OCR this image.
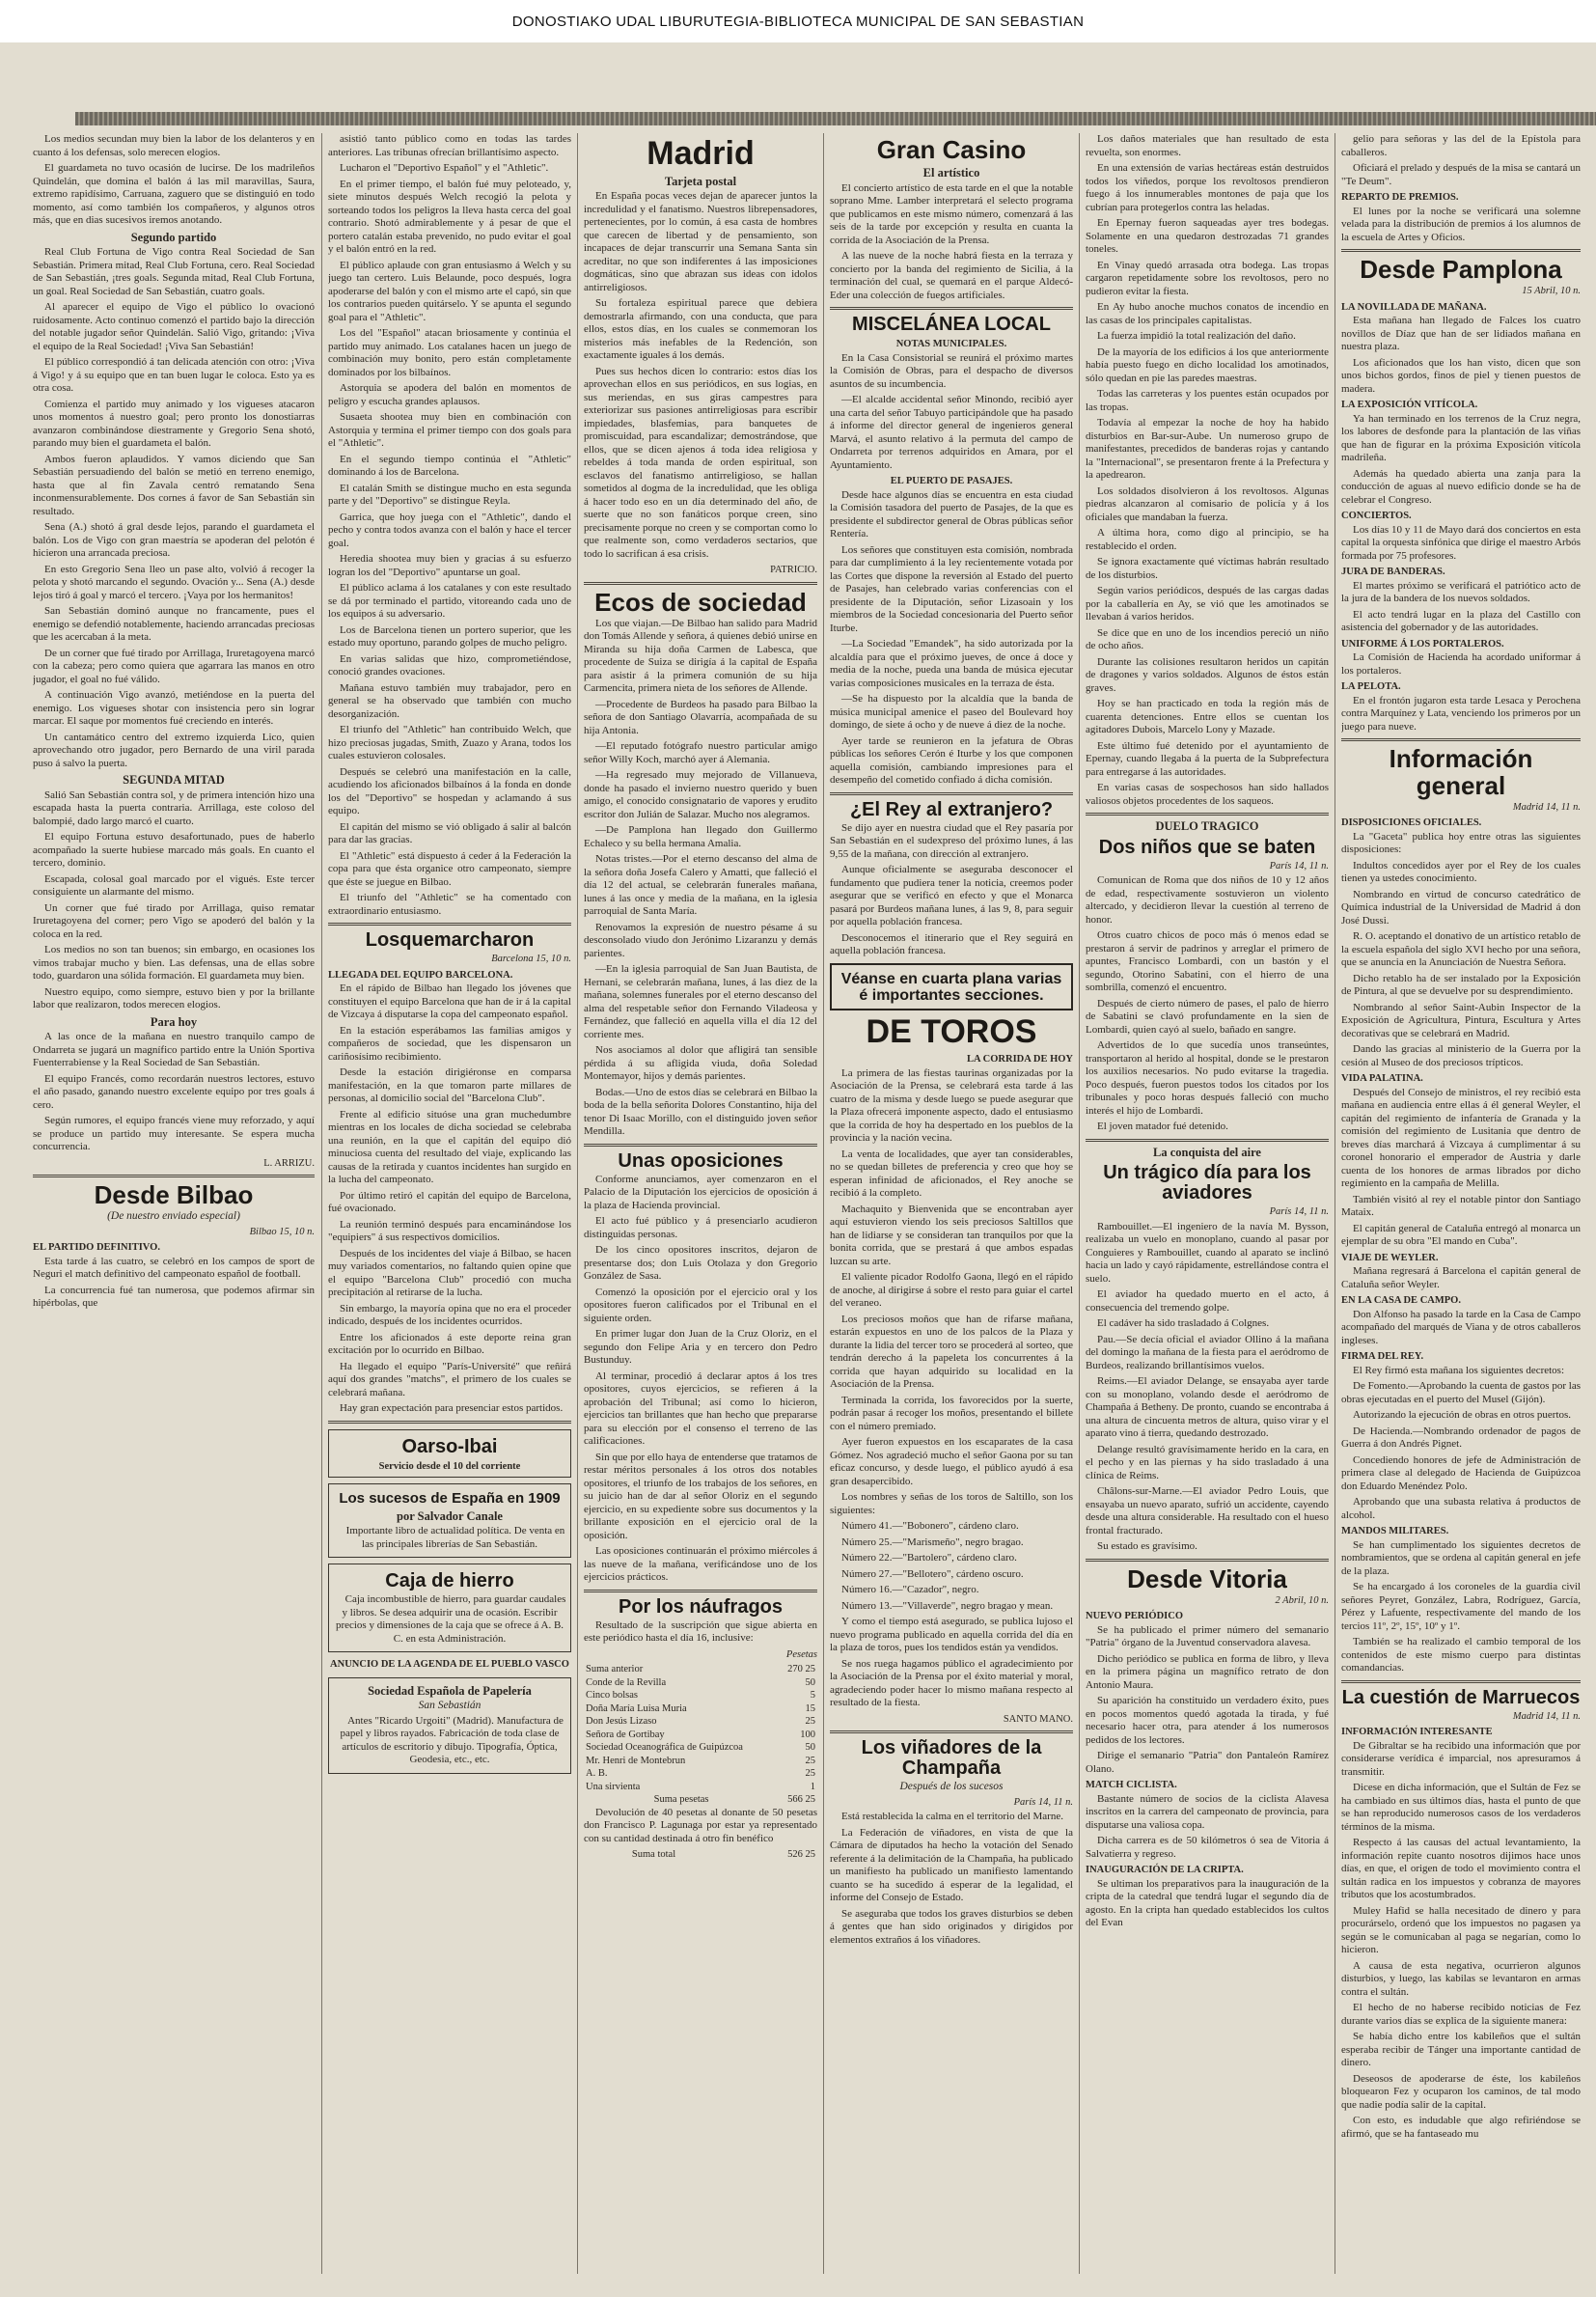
DONOSTIAKO UDAL LIBURUTEGIA-BIBLIOTECA MUNICIPAL DE SAN SEBASTIAN

Los medios secundan muy bien la labor de los delanteros y en cuanto á los defensas, solo merecen elogios.

El guardameta no tuvo ocasión de lucirse. De los madrileños Quindelán, que domina el balón á las mil maravillas, Saura, extremo rapidísimo, Carruana, zaguero que se distinguió en todo momento, así como también los compañeros, y algunos otros más, que en dias sucesivos iremos anotando.

Segundo partido

Real Club Fortuna de Vigo contra Real Sociedad de San Sebastián. Primera mitad, Real Club Fortuna, cero. Real Sociedad de San Sebastián, ¡tres goals. Segunda mitad, Real Club Fortuna, un goal. Real Sociedad de San Sebastián, cuatro goals.

Al aparecer el equipo de Vigo el público lo ovacionó ruidosamente. Acto continuo comenzó el partido bajo la dirección del notable jugador señor Quindelán. Salió Vigo, gritando: ¡Viva el equipo de la Real Sociedad! ¡Viva San Sebastián!

El público correspondió á tan delicada atención con otro: ¡Viva á Vigo! y á su equipo que en tan buen lugar le coloca. Esto ya es otra cosa.

Comienza el partido muy animado y los vigueses atacaron unos momentos á nuestro goal; pero pronto los donostiarras avanzaron combinándose diestramente y Gregorio Sena shotó, parando muy bien el guardameta el balón.

Ambos fueron aplaudidos. Y vamos diciendo que San Sebastián persuadiendo del balón se metió en terreno enemigo, hasta que al fin Zavala centró rematando Sena inconmensurablemente. Dos cornes á favor de San Sebastián sin resultado.

Sena (A.) shotó á gral desde lejos, parando el guardameta el balón. Los de Vigo con gran maestría se apoderan del pelotón é hicieron una arrancada preciosa.

En esto Gregorio Sena lleo un pase alto, volvió á recoger la pelota y shotó marcando el segundo. Ovación y... Sena (A.) desde lejos tiró á goal y marcó el tercero. ¡Vaya por los hermanitos!

San Sebastián dominó aunque no francamente, pues el enemigo se defendió notablemente, haciendo arrancadas preciosas que les acercaban á la meta.

De un corner que fué tirado por Arrillaga, Iruretagoyena marcó con la cabeza; pero como quiera que agarrara las manos en otro jugador, el goal no fué válido.

A continuación Vigo avanzó, metiéndose en la puerta del enemigo. Los vigueses shotar con insistencia pero sin lograr marcar. El saque por momentos fué creciendo en interés.

Un cantamático centro del extremo izquierda Lico, quien aprovechando otro jugador, pero Bernardo de una viril parada puso á salvo la puerta.

SEGUNDA MITAD

Salió San Sebastián contra sol, y de primera intención hizo una escapada hasta la puerta contraria. Arrillaga, este coloso del balompié, dado largo marcó el cuarto.

El equipo Fortuna estuvo desafortunado, pues de haberlo acompañado la suerte hubiese marcado más goals. En cuanto el tercero, dominio.

Escapada, colosal goal marcado por el vigués. Este tercer consiguiente un alarmante del mismo.

Un corner que fué tirado por Arrillaga, quiso rematar Iruretagoyena del corner; pero Vigo se apoderó del balón y la coloca en la red.

Los medios no son tan buenos; sin embargo, en ocasiones los vimos trabajar mucho y bien. Las defensas, una de ellas sobre todo, guardaron una sólida formación. El guardameta muy bien.

Nuestro equipo, como siempre, estuvo bien y por la brillante labor que realizaron, todos merecen elogios.

Para hoy

A las once de la mañana en nuestro tranquilo campo de Ondarreta se jugará un magnífico partido entre la Unión Sportiva Fuenterrabiense y la Real Sociedad de San Sebastián.

El equipo Francés, como recordarán nuestros lectores, estuvo el año pasado, ganando nuestro excelente equipo por tres goals á cero.

Según rumores, el equipo francés viene muy reforzado, y aquí se produce un partido muy interesante. Se espera mucha concurrencia.

L. ARRIZU.
Desde Bilbao
(De nuestro enviado especial)
Bilbao 15, 10 n.
EL PARTIDO DEFINITIVO.

Esta tarde á las cuatro, se celebró en los campos de sport de Neguri el match definitivo del campeonato español de football.

La concurrencia fué tan numerosa, que podemos afirmar sin hipérbolas, que

asistió tanto público como en todas las tardes anteriores. Las tribunas ofrecían brillantísimo aspecto.

Lucharon el "Deportivo Español" y el "Athletic".

En el primer tiempo, el balón fué muy peloteado, y, siete minutos después Welch recogió la pelota y sorteando todos los peligros la lleva hasta cerca del goal contrario. Shotó admirablemente y á pesar de que el portero catalán estaba prevenido, no pudo evitar el goal y el balón entró en la red.

El público aplaude con gran entusiasmo á Welch y su juego tan certero. Luis Belaunde, poco después, logra apoderarse del balón y con el mismo arte el capó, sin que los contrarios pueden quitárselo. Y se apunta el segundo goal para el "Athletic".

Los del "Español" atacan briosamente y continúa el partido muy animado. Los catalanes hacen un juego de combinación muy bonito, pero están completamente dominados por los bilbaínos.

Astorquia se apodera del balón en momentos de peligro y escucha grandes aplausos.

Susaeta shootea muy bien en combinación con Astorquia y termina el primer tiempo con dos goals para el "Athletic".

En el segundo tiempo continúa el "Athletic" dominando á los de Barcelona.

El catalán Smith se distingue mucho en esta segunda parte y del "Deportivo" se distingue Reyla.

Garrica, que hoy juega con el "Athletic", dando el pecho y contra todos avanza con el balón y hace el tercer goal.

Heredia shootea muy bien y gracias á su esfuerzo logran los del "Deportivo" apuntarse un goal.

El público aclama á los catalanes y con este resultado se dá por terminado el partido, vitoreando cada uno de los equipos á su adversario.

Los de Barcelona tienen un portero superior, que les estado muy oportuno, parando golpes de mucho peligro.

En varias salidas que hizo, comprometiéndose, conoció grandes ovaciones.

Mañana estuvo también muy trabajador, pero en general se ha observado que también con mucho desorganización.

El triunfo del "Athletic" han contribuido Welch, que hizo preciosas jugadas, Smith, Zuazo y Arana, todos los cuales estuvieron colosales.

Después se celebró una manifestación en la calle, acudiendo los aficionados bilbaínos á la fonda en donde los del "Deportivo" se hospedan y aclamando á sus equipo.

El capitán del mismo se vió obligado á salir al balcón para dar las gracias.

El "Athletic" está dispuesto á ceder á la Federación la copa para que ésta organice otro campeonato, siempre que éste se juegue en Bilbao.

El triunfo del "Athletic" se ha comentado con extraordinario entusiasmo.

Losquemarcharon
Barcelona 15, 10 n.
LLEGADA DEL EQUIPO BARCELONA.

En el rápido de Bilbao han llegado los jóvenes que constituyen el equipo Barcelona que han de ir á la capital de Vizcaya á disputarse la copa del campeonato español.

En la estación esperábamos las familias amigos y compañeros de sociedad, que les dispensaron un cariñosísimo recibimiento.

Desde la estación dirigiéronse en comparsa manifestación, en la que tomaron parte millares de personas, al domicilio social del "Barcelona Club".

Frente al edificio situóse una gran muchedumbre mientras en los locales de dicha sociedad se celebraba una reunión, en la que el capitán del equipo dió minuciosa cuenta del resultado del viaje, explicando las causas de la retirada y cuantos incidentes han surgido en la lucha del campeonato.

Por último retiró el capitán del equipo de Barcelona, fué ovacionado.

La reunión terminó después para encaminándose los "equipiers" á sus respectivos domicilios.

Después de los incidentes del viaje á Bilbao, se hacen muy variados comentarios, no faltando quien opine que el equipo "Barcelona Club" procedió con mucha precipitación al retirarse de la lucha.

Sin embargo, la mayoría opina que no era el proceder indicado, después de los incidentes ocurridos.

Entre los aficionados á este deporte reina gran excitación por lo ocurrido en Bilbao.

Ha llegado el equipo "París-Université" que reñirá aquí dos grandes "matchs", el primero de los cuales se celebrará mañana.

Hay gran expectación para presenciar estos partidos.

Oarso-Ibai
Servicio desde el 10 del corriente
Los sucesos de España en 1909
por Salvador Canale

Importante libro de actualidad política. De venta en las principales librerías de San Sebastián.

Caja de hierro

Caja incombustible de hierro, para guardar caudales y libros. Se desea adquirir una de ocasión. Escribir precios y dimensiones de la caja que se ofrece á A. B. C. en esta Administración.

ANUNCIO DE LA AGENDA DE EL PUEBLO VASCO
Sociedad Española de Papelería
San Sebastián

Antes "Ricardo Urgoiti" (Madrid). Manufactura de papel y libros rayados. Fabricación de toda clase de artículos de escritorio y dibujo. Tipografía, Óptica, Geodesia, etc., etc.

Madrid
Tarjeta postal

En España pocas veces dejan de aparecer juntos la incredulidad y el fanatismo. Nuestros librepensadores, pertenecientes, por lo común, á esa casta de hombres que carecen de libertad y de pensamiento, son incapaces de dejar transcurrir una Semana Santa sin acreditar, no que son indiferentes á las imposiciones dogmáticas, sino que abrazan sus ideas con idolos antirreligiosos.

Su fortaleza espiritual parece que debiera demostrarla afirmando, con una conducta, que para ellos, estos días, en los cuales se conmemoran los misterios más inefables de la Redención, son exactamente iguales á los demás.

Pues sus hechos dicen lo contrario: estos días los aprovechan ellos en sus periódicos, en sus logias, en sus meriendas, en sus giras campestres para exteriorizar sus pasiones antirreligiosas para escribir impiedades, blasfemias, para banquetes de promiscuidad, para escandalizar; demostrándose, que ellos, que se dicen ajenos á toda idea religiosa y rebeldes á toda manda de orden espiritual, son esclavos del fanatismo antirreligioso, se hallan sometidos al dogma de la incredulidad, que les obliga á hacer todo eso en un día determinado del año, de suerte que no son fanáticos porque creen, sino precisamente porque no creen y se comportan como lo que realmente son, como verdaderos sectarios, que todo lo sacrifican á esa crisis.

PATRICIO.
Ecos de sociedad

Los que viajan.—De Bilbao han salido para Madrid don Tomás Allende y señora, á quienes debió unirse en Miranda su hija doña Carmen de Labesca, que procedente de Suiza se dirigía á la capital de España para asistir á la primera comunión de su hija Carmencita, primera nieta de los señores de Allende.

—Procedente de Burdeos ha pasado para Bilbao la señora de don Santiago Olavarría, acompañada de su hija Antonia.

—El reputado fotógrafo nuestro particular amigo señor Willy Koch, marchó ayer á Alemania.

—Ha regresado muy mejorado de Villanueva, donde ha pasado el invierno nuestro querido y buen amigo, el conocido consignatario de vapores y erudito escritor don Julián de Salazar. Mucho nos alegramos.

—De Pamplona han llegado don Guillermo Echaleco y su bella hermana Amalia.

Notas tristes.—Por el eterno descanso del alma de la señora doña Josefa Calero y Amatti, que falleció el día 12 del actual, se celebrarán funerales mañana, lunes á las once y media de la mañana, en la iglesia parroquial de Santa María.

Renovamos la expresión de nuestro pésame á su desconsolado viudo don Jerónimo Lizaranzu y demás parientes.

—En la iglesia parroquial de San Juan Bautista, de Hernani, se celebrarán mañana, lunes, á las diez de la mañana, solemnes funerales por el eterno descanso del alma del respetable señor don Fernando Viladeosa y Fernández, que falleció en aquella villa el día 12 del corriente mes.

Nos asociamos al dolor que afligirá tan sensible pérdida á su afligida viuda, doña Soledad Montemayor, hijos y demás parientes.

Bodas.—Uno de estos días se celebrará en Bilbao la boda de la bella señorita Dolores Constantino, hija del tenor Di Isaac Morillo, con el distinguido joven señor Mendilla.

Unas oposiciones

Conforme anunciamos, ayer comenzaron en el Palacio de la Diputación los ejercicios de oposición á la plaza de Hacienda provincial.

El acto fué público y á presenciarlo acudieron distinguidas personas.

De los cinco opositores inscritos, dejaron de presentarse dos; don Luis Otolaza y don Gregorio González de Sasa.

Comenzó la oposición por el ejercicio oral y los opositores fueron calificados por el Tribunal en el siguiente orden.

En primer lugar don Juan de la Cruz Oloriz, en el segundo don Felipe Aria y en tercero don Pedro Bustunduy.

Al terminar, procedió á declarar aptos á los tres opositores, cuyos ejercicios, se refieren á la aprobación del Tribunal; así como lo hicieron, ejercicios tan brillantes que han hecho que prepararse para su elección por el consenso el terreno de las calificaciones.

Sin que por ello haya de entenderse que tratamos de restar méritos personales á los otros dos notables opositores, el triunfo de los trabajos de los señores, en su juicio han de dar al señor Oloriz en el segundo ejercicio, en su expediente sobre sus documentos y la brillante exposición en el ejercicio oral de la oposición.

Las oposiciones continuarán el próximo miércoles á las nueve de la mañana, verificándose uno de los ejercicios prácticos.

Por los náufragos

Resultado de la suscripción que sigue abierta en este periódico hasta el día 16, inclusive:

Pesetas
Suma anterior	270 25
Conde de la Revilla	50
Cinco bolsas	5
Doña María Luisa Muria	15
Don Jesús Lizaso	25
Señora de Gortibay	100
Sociedad Oceanográfica de Guipúzcoa	50
Mr. Henri de Montebrun	25
A. B.	25
Una sirvienta	1
Suma pesetas	566 25

Devolución de 40 pesetas al donante de 50 pesetas don Francisco P. Lagunaga por estar ya representado con su cantidad destinada á otro fin benéfico

Suma total	526 25
Gran Casino
El artístico

El concierto artístico de esta tarde en el que la notable soprano Mme. Lamber interpretará el selecto programa que publicamos en este mismo número, comenzará á las seis de la tarde por excepción y resulta en cuanta la corrida de la Asociación de la Prensa.

A las nueve de la noche habrá fiesta en la terraza y concierto por la banda del regimiento de Sicilia, á la terminación del cual, se quemará en el parque Aldecó-Eder una colección de fuegos artificiales.

MISCELÁNEA LOCAL
NOTAS MUNICIPALES.

En la Casa Consistorial se reunirá el próximo martes la Comisión de Obras, para el despacho de diversos asuntos de su incumbencia.

—El alcalde accidental señor Minondo, recibió ayer una carta del señor Tabuyo participándole que ha pasado á informe del director general de ingenieros general Marvá, el asunto relativo á la permuta del campo de Ondarreta por terrenos adquiridos en Amara, por el Ayuntamiento.

EL PUERTO DE PASAJES.

Desde hace algunos días se encuentra en esta ciudad la Comisión tasadora del puerto de Pasajes, de la que es presidente el subdirector general de Obras públicas señor Rentería.

Los señores que constituyen esta comisión, nombrada para dar cumplimiento á la ley recientemente votada por las Cortes que dispone la reversión al Estado del puerto de Pasajes, han celebrado varias conferencias con el presidente de la Diputación, señor Lizasoain y los miembros de la Sociedad concesionaria del Puerto señor Iturbe.

—La Sociedad "Emandek", ha sido autorizada por la alcaldía para que el próximo jueves, de once á doce y media de la noche, pueda una banda de música ejecutar varias composiciones musicales en la terraza de ésta.

—Se ha dispuesto por la alcaldía que la banda de música municipal amenice el paseo del Boulevard hoy domingo, de siete á ocho y de nueve á diez de la noche.

Ayer tarde se reunieron en la jefatura de Obras públicas los señores Cerón é Iturbe y los que componen aquella comisión, cambiando impresiones para el desempeño del cometido confiado á dicha comisión.

¿El Rey al extranjero?

Se dijo ayer en nuestra ciudad que el Rey pasaría por San Sebastián en el sudexpreso del próximo lunes, á las 9,55 de la mañana, con dirección al extranjero.

Aunque oficialmente se aseguraba desconocer el fundamento que pudiera tener la noticia, creemos poder asegurar que se verificó en efecto y que el Monarca pasará por Burdeos mañana lunes, á las 9, 8, para seguir por aquella población francesa.

Desconocemos el itinerario que el Rey seguirá en aquella población francesa.

Véanse en cuarta plana varias é importantes secciones.
DE TOROS
LA CORRIDA DE HOY

La primera de las fiestas taurinas organizadas por la Asociación de la Prensa, se celebrará esta tarde á las cuatro de la misma y desde luego se puede asegurar que la Plaza ofrecerá imponente aspecto, dado el entusiasmo que la corrida de hoy ha despertado en los pueblos de la provincia y la nación vecina.

La venta de localidades, que ayer tan considerables, no se quedan billetes de preferencia y creo que hoy se esperan infinidad de aficionados, el Rey anoche se recibió á la completo.

Machaquito y Bienvenida que se encontraban ayer aquí estuvieron viendo los seis preciosos Saltillos que han de lidiarse y se consideran tan tranquilos por que la bonita corrida, que se prestará á que ambos espadas luzcan su arte.

El valiente picador Rodolfo Gaona, llegó en el rápido de anoche, al dirigirse á sobre el resto para guiar el cartel del veraneo.

Los preciosos moños que han de rifarse mañana, estarán expuestos en uno de los palcos de la Plaza y durante la lidia del tercer toro se procederá al sorteo, que tendrán derecho á la papeleta los concurrentes á la corrida que hayan adquirido su localidad en la Asociación de la Prensa.

Terminada la corrida, los favorecidos por la suerte, podrán pasar á recoger los moños, presentando el billete con el número premiado.

Ayer fueron expuestos en los escaparates de la casa Gómez. Nos agradeció mucho el señor Gaona por su tan eficaz concurso, y desde luego, el público ayudó á esa gran desapercibido.

Los nombres y señas de los toros de Saltillo, son los siguientes:

Número 41.—"Bobonero", cárdeno claro.

Número 25.—"Marismeño", negro bragao.

Número 22.—"Bartolero", cárdeno claro.

Número 27.—"Bellotero", cárdeno oscuro.

Número 16.—"Cazador", negro.

Número 13.—"Villaverde", negro bragao y mean.

Y como el tiempo está asegurado, se publica lujoso el nuevo programa publicado en aquella corrida del día en la plaza de toros, pues los tendidos están ya vendidos.

Se nos ruega hagamos público el agradecimiento por la Asociación de la Prensa por el éxito material y moral, agradeciendo poder hacer lo mismo mañana respecto al resultado de la fiesta.

SANTO MANO.
Los viñadores de la Champaña
Después de los sucesos
París 14, 11 n.

Está restablecida la calma en el territorio del Marne.

La Federación de viñadores, en vista de que la Cámara de diputados ha hecho la votación del Senado referente á la delimitación de la Champaña, ha publicado un manifiesto ha publicado un manifiesto lamentando cuanto se ha sucedido á esperar de la legalidad, el informe del Consejo de Estado.

Se aseguraba que todos los graves disturbios se deben á gentes que han sido originados y dirigidos por elementos extraños á los viñadores.

Los daños materiales que han resultado de esta revuelta, son enormes.

En una extensión de varias hectáreas están destruidos todos los viñedos, porque los revoltosos prendieron fuego á los innumerables montones de paja que los cubrían para protegerlos contra las heladas.

En Epernay fueron saqueadas ayer tres bodegas. Solamente en una quedaron destrozadas 71 grandes toneles.

En Vinay quedó arrasada otra bodega. Las tropas cargaron repetidamente sobre los revoltosos, pero no pudieron evitar la fiesta.

En Ay hubo anoche muchos conatos de incendio en las casas de los principales capitalistas.

La fuerza impidió la total realización del daño.

De la mayoría de los edificios á los que anteriormente había puesto fuego en dicho localidad los amotinados, sólo quedan en pie las paredes maestras.

Todas las carreteras y los puentes están ocupados por las tropas.

Todavía al empezar la noche de hoy ha habido disturbios en Bar-sur-Aube. Un numeroso grupo de manifestantes, precedidos de banderas rojas y cantando la "Internacional", se presentaron frente á la Prefectura y la apedrearon.

Los soldados disolvieron á los revoltosos. Algunas piedras alcanzaron al comisario de policía y á los oficiales que mandaban la fuerza.

A última hora, como digo al principio, se ha restablecido el orden.

Se ignora exactamente qué víctimas habrán resultado de los disturbios.

Según varios periódicos, después de las cargas dadas por la caballería en Ay, se vió que les amotinados se llevaban á varios heridos.

Se dice que en uno de los incendios pereció un niño de ocho años.

Durante las colisiones resultaron heridos un capitán de dragones y varios soldados. Algunos de éstos están graves.

Hoy se han practicado en toda la región más de cuarenta detenciones. Entre ellos se cuentan los agitadores Dubois, Marcelo Lony y Mazade.

Este último fué detenido por el ayuntamiento de Epernay, cuando llegaba á la puerta de la Subprefectura para entregarse á las autoridades.

En varias casas de sospechosos han sido hallados valiosos objetos procedentes de los saqueos.

DUELO TRAGICO
Dos niños que se baten
París 14, 11 n.

Comunican de Roma que dos niños de 10 y 12 años de edad, respectivamente sostuvieron un violento altercado, y decidieron llevar la cuestión al terreno de honor.

Otros cuatro chicos de poco más ó menos edad se prestaron á servir de padrinos y arreglar el primero de apuntes, Francisco Lombardi, con un bastón y el segundo, Otorino Sabatini, con el hierro de una sombrilla, comenzó el encuentro.

Después de cierto número de pases, el palo de hierro de Sabatini se clavó profundamente en la sien de Lombardi, quien cayó al suelo, bañado en sangre.

Advertidos de lo que sucedía unos transeúntes, transportaron al herido al hospital, donde se le prestaron los auxilios necesarios. No pudo evitarse la tragedia. Poco después, fueron puestos todos los citados por los tribunales y poco horas después falleció con mucho interés el hijo de Lombardi.

El joven matador fué detenido.

La conquista del aire
Un trágico día para los aviadores
París 14, 11 n.

Rambouillet.—El ingeniero de la navía M. Bysson, realizaba un vuelo en monoplano, cuando al pasar por Conguieres y Rambouillet, cuando al aparato se inclinó hacia un lado y cayó rápidamente, estrellándose contra el suelo.

El aviador ha quedado muerto en el acto, á consecuencia del tremendo golpe.

El cadáver ha sido trasladado á Colgnes.

Pau.—Se decía oficial el aviador Ollino á la mañana del domingo la mañana de la fiesta para el aeródromo de Burdeos, realizando brillantísimos vuelos.

Reims.—El aviador Delange, se ensayaba ayer tarde con su monoplano, volando desde el aeródromo de Champaña á Betheny. De pronto, cuando se encontraba á una altura de cincuenta metros de altura, quiso virar y el aparato vino á tierra, quedando destrozado.

Delange resultó gravísimamente herido en la cara, en el pecho y en las piernas y ha sido trasladado á una clínica de Reims.

Châlons-sur-Marne.—El aviador Pedro Louis, que ensayaba un nuevo aparato, sufrió un accidente, cayendo desde una altura considerable. Ha resultado con el hueso frontal fracturado.

Su estado es gravísimo.

Desde Vitoria
2 Abril, 10 n.
NUEVO PERIÓDICO

Se ha publicado el primer número del semanario "Patria" órgano de la Juventud conservadora alavesa.

Dicho periódico se publica en forma de libro, y lleva en la primera página un magnífico retrato de don Antonio Maura.

Su aparición ha constituido un verdadero éxito, pues en pocos momentos quedó agotada la tirada, y fué necesario hacer otra, para atender á los numerosos pedidos de los lectores.

Dirige el semanario "Patria" don Pantaleón Ramírez Olano.

MATCH CICLISTA.

Bastante número de socios de la ciclista Alavesa inscritos en la carrera del campeonato de provincia, para disputarse una valiosa copa.

Dicha carrera es de 50 kilómetros ó sea de Vitoria á Salvatierra y regreso.

INAUGURACIÓN DE LA CRIPTA.

Se ultiman los preparativos para la inauguración de la cripta de la catedral que tendrá lugar el segundo día de agosto. En la cripta han quedado establecidos los cultos del Evan

gelio para señoras y las del de la Epístola para caballeros.

Oficiará el prelado y después de la misa se cantará un "Te Deum".

REPARTO DE PREMIOS.

El lunes por la noche se verificará una solemne velada para la distribución de premios á los alumnos de la escuela de Artes y Oficios.

Desde Pamplona
15 Abril, 10 n.
LA NOVILLADA DE MAÑANA.

Esta mañana han llegado de Falces los cuatro novillos de Díaz que han de ser lidiados mañana en nuestra plaza.

Los aficionados que los han visto, dicen que son unos bichos gordos, finos de piel y tienen puestos de madera.

LA EXPOSICIÓN VITÍCOLA.

Ya han terminado en los terrenos de la Cruz negra, los labores de desfonde para la plantación de las viñas que han de figurar en la próxima Exposición vitícola madrileña.

Además ha quedado abierta una zanja para la conducción de aguas al nuevo edificio donde se ha de celebrar el Congreso.

CONCIERTOS.

Los días 10 y 11 de Mayo dará dos conciertos en esta capital la orquesta sinfónica que dirige el maestro Arbós formada por 75 profesores.

JURA DE BANDERAS.

El martes próximo se verificará el patriótico acto de la jura de la bandera de los nuevos soldados.

El acto tendrá lugar en la plaza del Castillo con asistencia del gobernador y de las autoridades.

UNIFORME Á LOS PORTALEROS.

La Comisión de Hacienda ha acordado uniformar á los portaleros.

LA PELOTA.

En el frontón jugaron esta tarde Lesaca y Perochena contra Marquínez y Lata, venciendo los primeros por un juego para nueve.

Información general
Madrid 14, 11 n.
DISPOSICIONES OFICIALES.

La "Gaceta" publica hoy entre otras las siguientes disposiciones:

Indultos concedidos ayer por el Rey de los cuales tienen ya ustedes conocimiento.

Nombrando en virtud de concurso catedrático de Química industrial de la Universidad de Madrid á don José Dussi.

R. O. aceptando el donativo de un artístico retablo de la escuela española del siglo XVI hecho por una señora, que se anuncia en la Anunciación de Nuestra Señora.

Dicho retablo ha de ser instalado por la Exposición de Pintura, al que se devuelve por su desprendimiento.

Nombrando al señor Saint-Aubin Inspector de la Exposición de Agricultura, Pintura, Escultura y Artes decorativas que se celebrará en Madrid.

Dando las gracias al ministerio de la Guerra por la cesión al Museo de dos preciosos trípticos.

VIDA PALATINA.

Después del Consejo de ministros, el rey recibió esta mañana en audiencia entre ellas á él general Weyler, el capitán del regimiento de infantería de Granada y la comisión del regimiento de Lusitania que dentro de breves días marchará á Vizcaya á cumplimentar á su coronel honorario el emperador de Austria y darle cuenta de los honores de armas librados por dicho regimiento en la campaña de Melilla.

También visitó al rey el notable pintor don Santiago Mataix.

El capitán general de Cataluña entregó al monarca un ejemplar de su obra "El mando en Cuba".

VIAJE DE WEYLER.

Mañana regresará á Barcelona el capitán general de Cataluña señor Weyler.

EN LA CASA DE CAMPO.

Don Alfonso ha pasado la tarde en la Casa de Campo acompañado del marqués de Viana y de otros caballeros ingleses.

FIRMA DEL REY.

El Rey firmó esta mañana los siguientes decretos:

De Fomento.—Aprobando la cuenta de gastos por las obras ejecutadas en el puerto del Musel (Gijón).

Autorizando la ejecución de obras en otros puertos.

De Hacienda.—Nombrando ordenador de pagos de Guerra á don Andrés Pignet.

Concediendo honores de jefe de Administración de primera clase al delegado de Hacienda de Guipúzcoa don Eduardo Menéndez Polo.

Aprobando que una subasta relativa á productos de alcohol.

MANDOS MILITARES.

Se han cumplimentado los siguientes decretos de nombramientos, que se ordena al capitán general en jefe de la plaza.

Se ha encargado á los coroneles de la guardia civil señores Peyret, González, Labra, Rodríguez, García, Pérez y Lafuente, respectivamente del mando de los tercios 11º, 2º, 15º, 10º y 1º.

También se ha realizado el cambio temporal de los contenidos de este mismo cuerpo para distintas comandancias.

La cuestión de Marruecos
Madrid 14, 11 n.
INFORMACIÓN INTERESANTE

De Gibraltar se ha recibido una información que por considerarse verídica é imparcial, nos apresuramos á transmitir.

Dicese en dicha información, que el Sultán de Fez se ha cambiado en sus últimos días, hasta el punto de que se han reproducido numerosos casos de los verdaderos términos de la misma.

Respecto á las causas del actual levantamiento, la información repite cuanto nosotros dijimos hace unos días, en que, el origen de todo el movimiento contra el sultán radica en los impuestos y cobranza de mayores tributos que los acostumbrados.

Muley Hafid se halla necesitado de dinero y para procurárselo, ordenó que los impuestos no pagasen ya según se le comunicaban al paga se negarían, como lo hicieron.

A causa de esta negativa, ocurrieron algunos disturbios, y luego, las kabilas se levantaron en armas contra el sultán.

El hecho de no haberse recibido noticias de Fez durante varios días se explica de la siguiente manera:

Se había dicho entre los kabileños que el sultán esperaba recibir de Tánger una importante cantidad de dinero.

Deseosos de apoderarse de éste, los kabileños bloquearon Fez y ocuparon los caminos, de tal modo que nadie podía salir de la capital.

Con esto, es indudable que algo refiriéndose se afirmó, que se ha fantaseado mu
